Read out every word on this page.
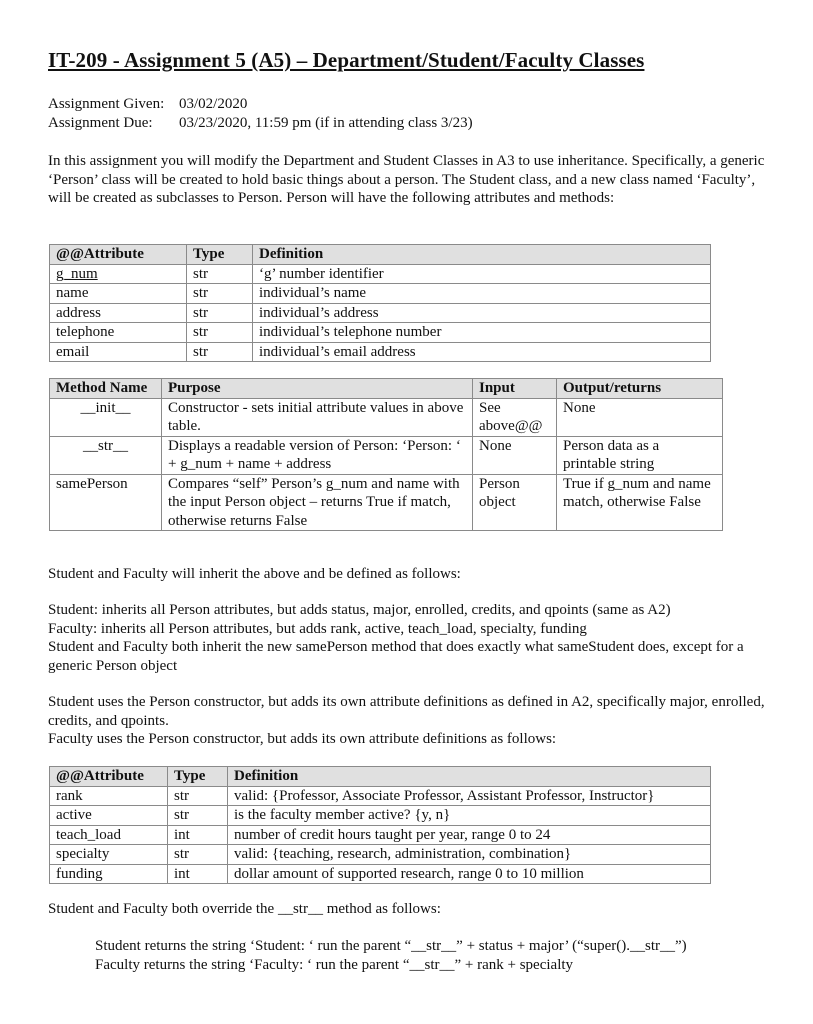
IT-209 - Assignment 5 (A5) – Department/Student/Faculty Classes
Assignment Given: 03/02/2020
Assignment Due: 03/23/2020, 11:59 pm (if in attending class 3/23)
In this assignment you will modify the Department and Student Classes in A3 to use inheritance. Specifically, a generic ‘Person’ class will be created to hold basic things about a person. The Student class, and a new class named ‘Faculty’, will be created as subclasses to Person. Person will have the following attributes and methods:
@@Attribute	Type	Definition
g_num	str	‘g’ number identifier
name	str	individual’s name
address	str	individual’s address
telephone	str	individual’s telephone number
email	str	individual’s email address
Method Name	Purpose	Input	Output/returns
__init__	Constructor - sets initial attribute values in above table.	See above@@	None
__str__	Displays a readable version of Person: ‘Person: ‘ + g_num + name + address	None	Person data as a printable string
samePerson	Compares “self” Person’s g_num and name with the input Person object – returns True if match, otherwise returns False	Person object	True if g_num and name match, otherwise False
Student and Faculty will inherit the above and be defined as follows:
Student: inherits all Person attributes, but adds status, major, enrolled, credits, and qpoints (same as A2)
Faculty: inherits all Person attributes, but adds rank, active, teach_load, specialty, funding
Student and Faculty both inherit the new samePerson method that does exactly what sameStudent does, except for a generic Person object
Student uses the Person constructor, but adds its own attribute definitions as defined in A2, specifically major, enrolled, credits, and qpoints.
Faculty uses the Person constructor, but adds its own attribute definitions as follows:
@@Attribute	Type	Definition
rank	str	valid: {Professor, Associate Professor, Assistant Professor, Instructor}
active	str	is the faculty member active? {y, n}
teach_load	int	number of credit hours taught per year, range 0 to 24
specialty	str	valid: {teaching, research, administration, combination}
funding	int	dollar amount of supported research, range 0 to 10 million
Student and Faculty both override the __str__ method as follows:
Student returns the string ‘Student: ‘ run the parent “__str__” + status + major’ (“super().__str__”)
Faculty returns the string ‘Faculty: ‘ run the parent “__str__” + rank + specialty
